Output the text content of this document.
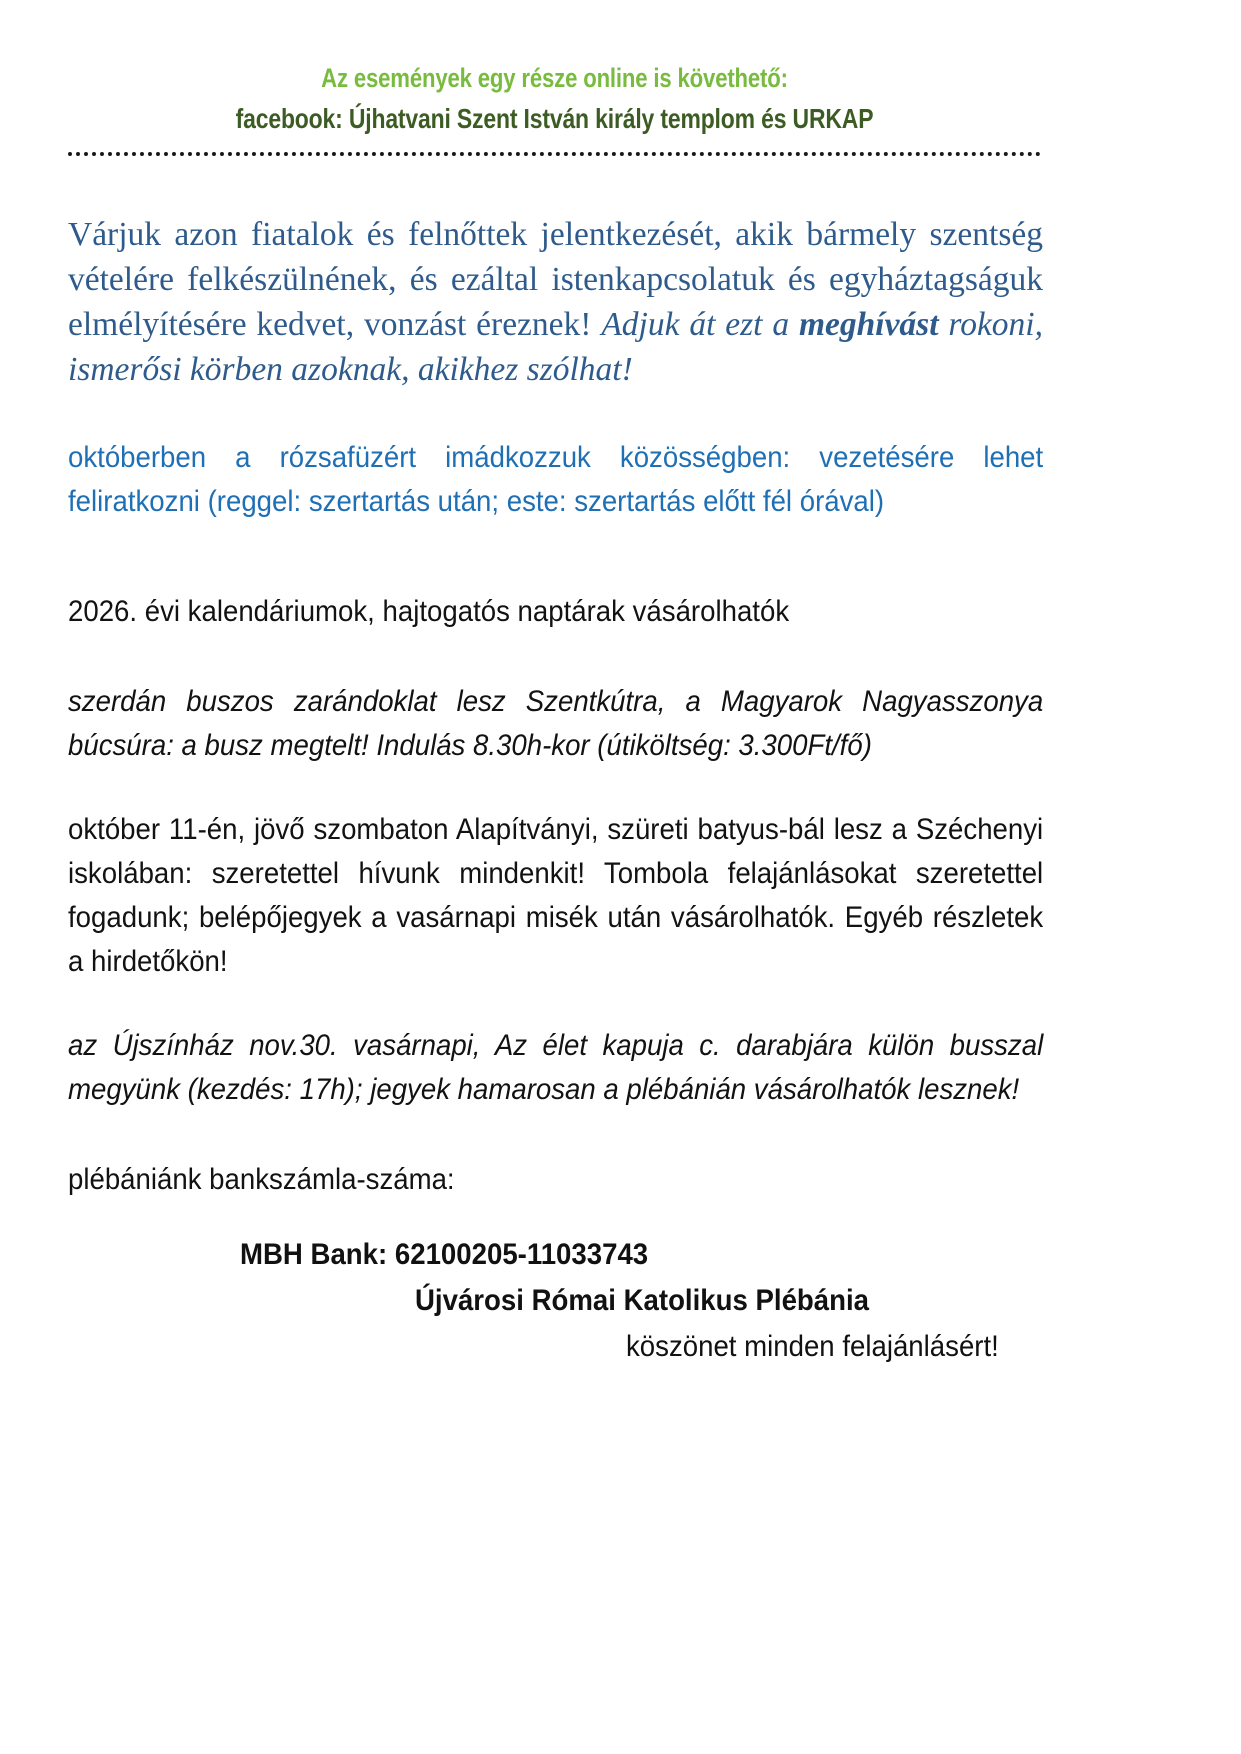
Az események egy része online is követhető:
facebook: Újhatvani Szent István király templom és URKAP

Várjuk azon fiatalok és felnőttek jelentkezését, akik bármely szentség vételére felkészülnének, és ezáltal istenkapcsolatuk és egyháztagságuk elmélyítésére kedvet, vonzást éreznek! Adjuk át ezt a meghívást rokoni, ismerősi körben azoknak, akikhez szólhat!

októberben a rózsafüzért imádkozzuk közösségben: vezetésére lehet feliratkozni (reggel: szertartás után; este: szertartás előtt fél órával)

2026. évi kalendáriumok, hajtogatós naptárak vásárolhatók

szerdán buszos zarándoklat lesz Szentkútra, a Magyarok Nagyasszonya búcsúra: a busz megtelt! Indulás 8.30h-kor (útiköltség: 3.300Ft/fő)

október 11-én, jövő szombaton Alapítványi, szüreti batyus-bál lesz a Széchenyi iskolában: szeretettel hívunk mindenkit! Tombola felajánlásokat szeretettel fogadunk; belépőjegyek a vasárnapi misék után vásárolhatók. Egyéb részletek a hirdetőkön!

az Újszínház nov.30. vasárnapi, Az élet kapuja c. darabjára külön busszal megyünk (kezdés: 17h); jegyek hamarosan a plébánián vásárolhatók lesznek!

plébániánk bankszámla-száma:

MBH Bank: 62100205-11033743
Újvárosi Római Katolikus Plébánia
köszönet minden felajánlásért!
